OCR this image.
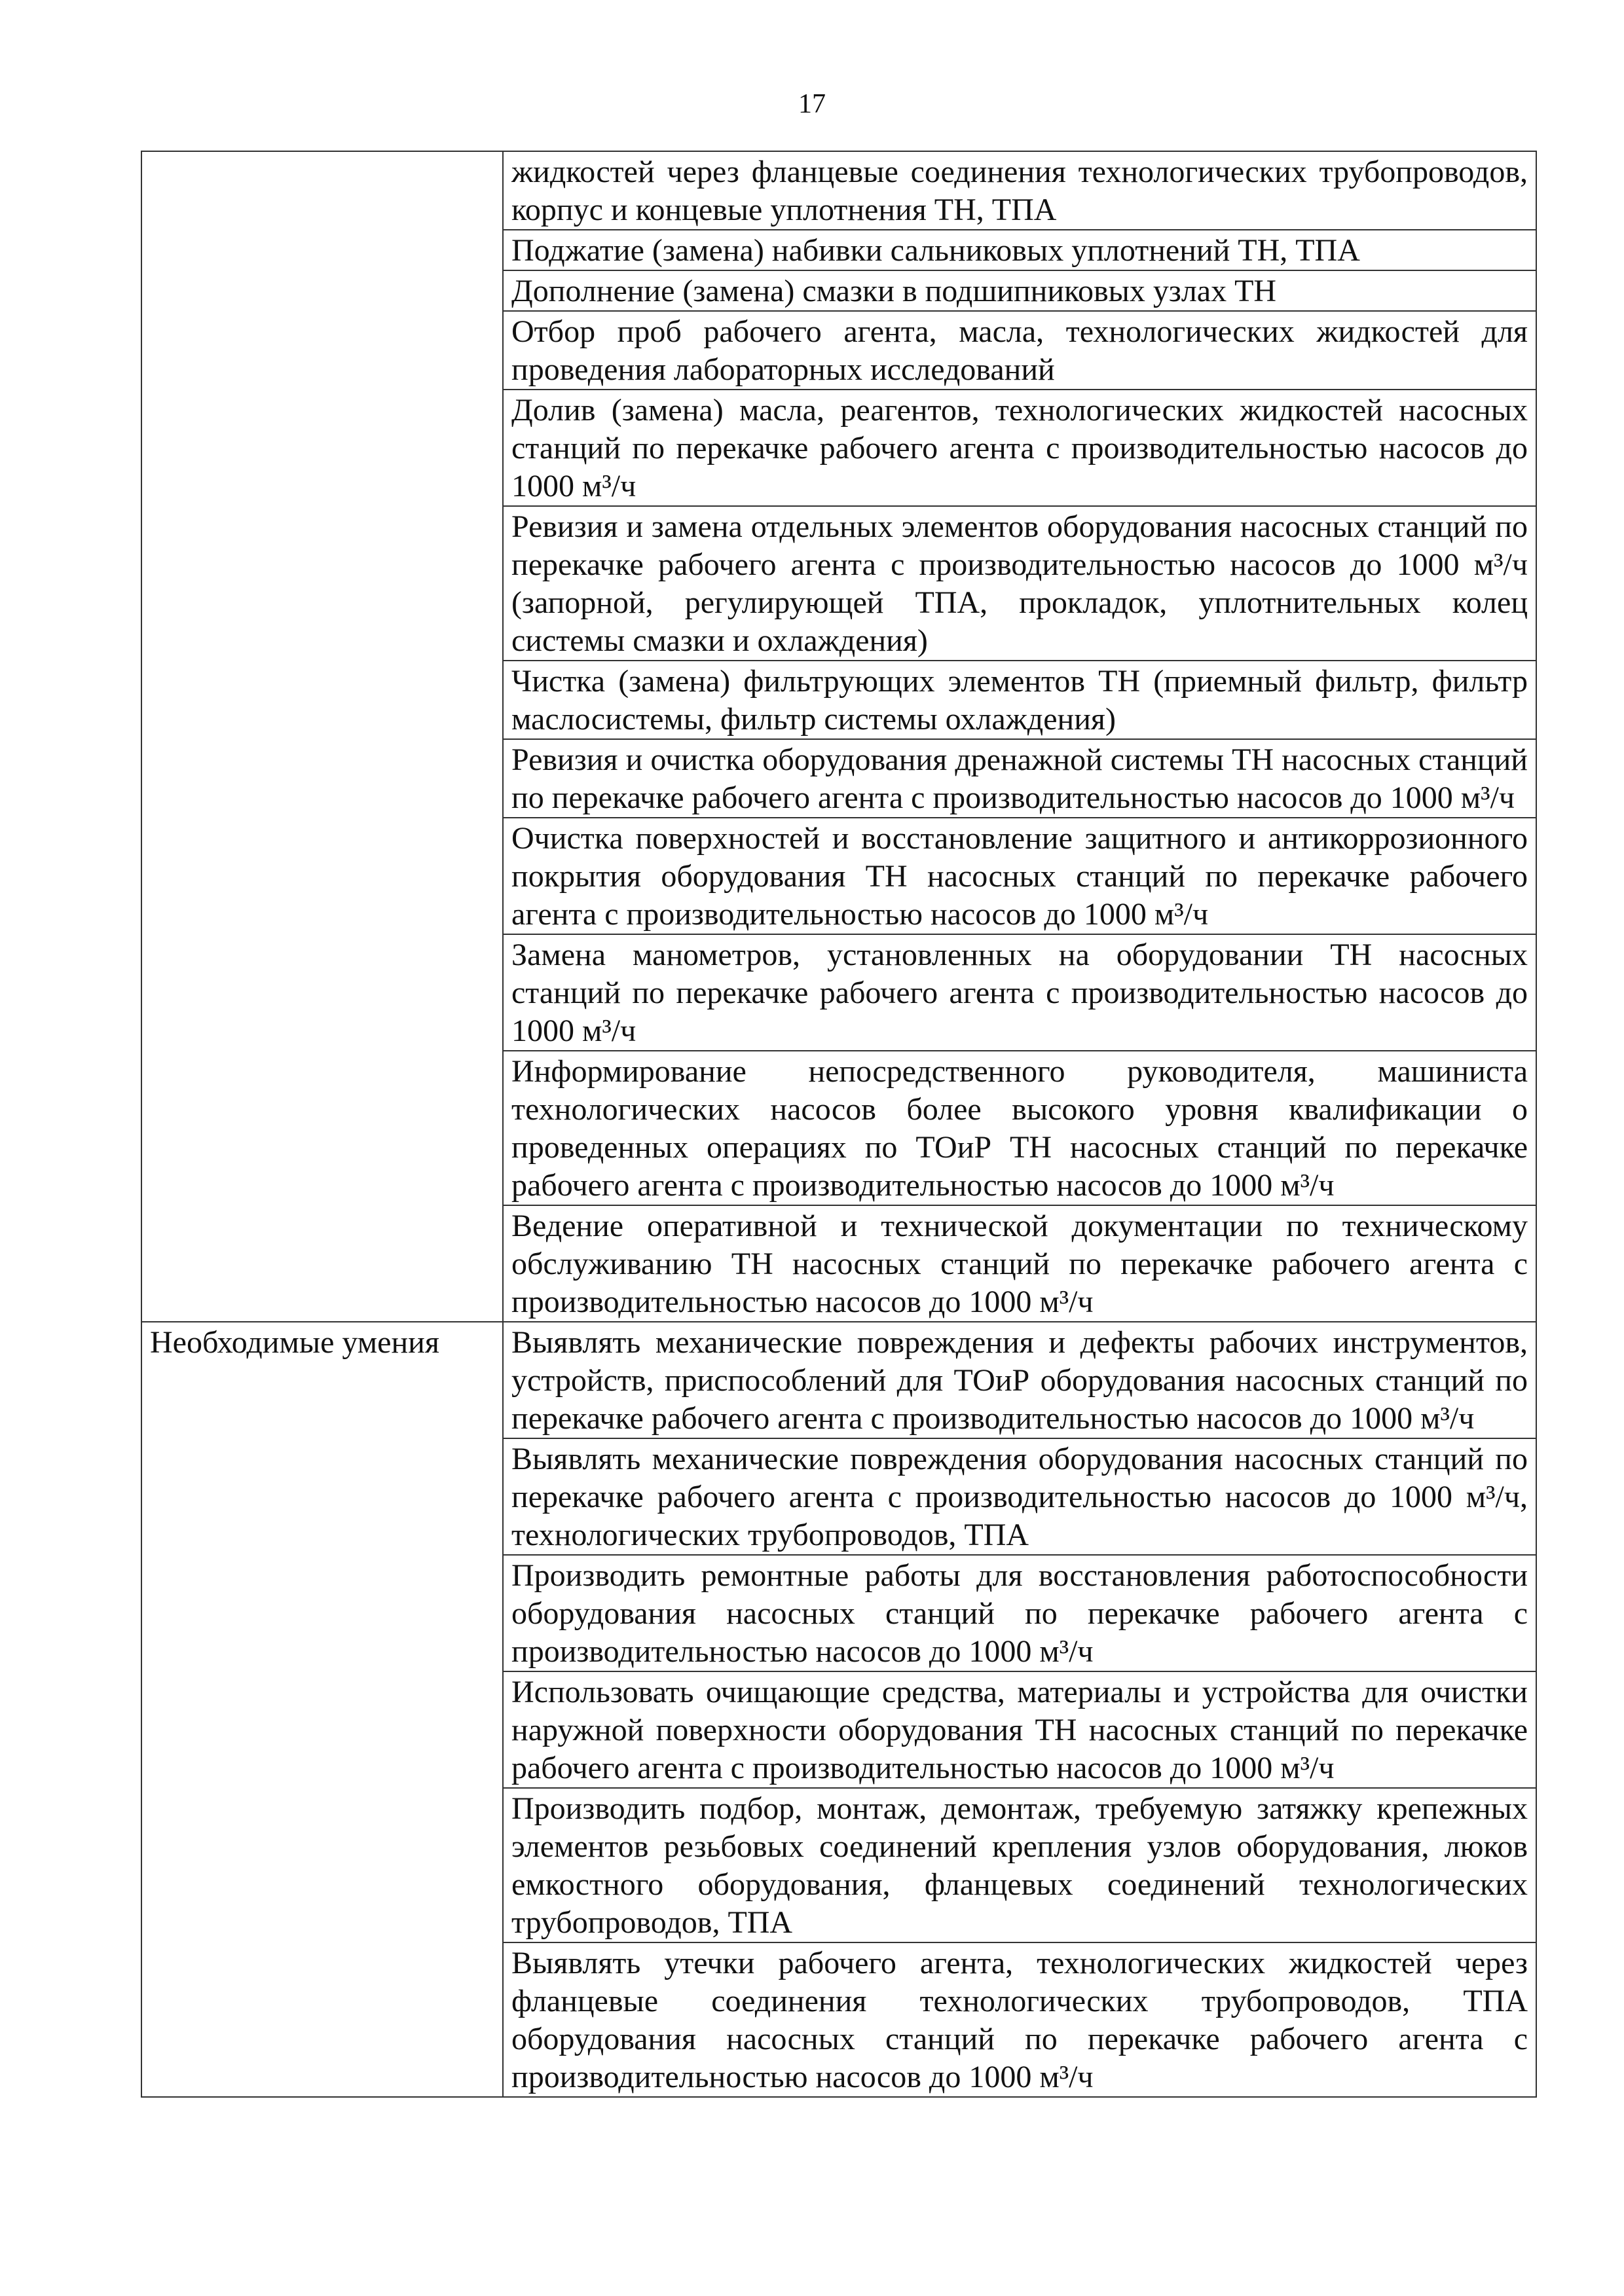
17
	жидкостей через фланцевые соединения технологических трубопроводов, корпус и концевые уплотнения ТН, ТПА
	Поджатие (замена) набивки сальниковых уплотнений ТН, ТПА
	Дополнение (замена) смазки в подшипниковых узлах ТН
	Отбор проб рабочего агента, масла, технологических жидкостей для проведения лабораторных исследований
	Долив (замена) масла, реагентов, технологических жидкостей насосных станций по перекачке рабочего агента с производительностью насосов до 1000 м³/ч
	Ревизия и замена отдельных элементов оборудования насосных станций по перекачке рабочего агента с производительностью насосов до 1000 м³/ч (запорной, регулирующей ТПА, прокладок, уплотнительных колец системы смазки и охлаждения)
	Чистка (замена) фильтрующих элементов ТН (приемный фильтр, фильтр маслосистемы, фильтр системы охлаждения)
	Ревизия и очистка оборудования дренажной системы ТН насосных станций по перекачке рабочего агента с производительностью насосов до 1000 м³/ч
	Очистка поверхностей и восстановление защитного и антикоррозионного покрытия оборудования ТН насосных станций по перекачке рабочего агента с производительностью насосов до 1000 м³/ч
	Замена манометров, установленных на оборудовании ТН насосных станций по перекачке рабочего агента с производительностью насосов до 1000 м³/ч
	Информирование непосредственного руководителя, машиниста технологических насосов более высокого уровня квалификации о проведенных операциях по ТОиР ТН насосных станций по перекачке рабочего агента с производительностью насосов до 1000 м³/ч
	Ведение оперативной и технической документации по техническому обслуживанию ТН насосных станций по перекачке рабочего агента с производительностью насосов до 1000 м³/ч
Необходимые умения	Выявлять механические повреждения и дефекты рабочих инструментов, устройств, приспособлений для ТОиР оборудования насосных станций по перекачке рабочего агента с производительностью насосов до 1000 м³/ч
	Выявлять механические повреждения оборудования насосных станций по перекачке рабочего агента с производительностью насосов до 1000 м³/ч, технологических трубопроводов, ТПА
	Производить ремонтные работы для восстановления работоспособности оборудования насосных станций по перекачке рабочего агента с производительностью насосов до 1000 м³/ч
	Использовать очищающие средства, материалы и устройства для очистки наружной поверхности оборудования ТН насосных станций по перекачке рабочего агента с производительностью насосов до 1000 м³/ч
	Производить подбор, монтаж, демонтаж, требуемую затяжку крепежных элементов резьбовых соединений крепления узлов оборудования, люков емкостного оборудования, фланцевых соединений технологических трубопроводов, ТПА
	Выявлять утечки рабочего агента, технологических жидкостей через фланцевые соединения технологических трубопроводов, ТПА оборудования насосных станций по перекачке рабочего агента с производительностью насосов до 1000 м³/ч
